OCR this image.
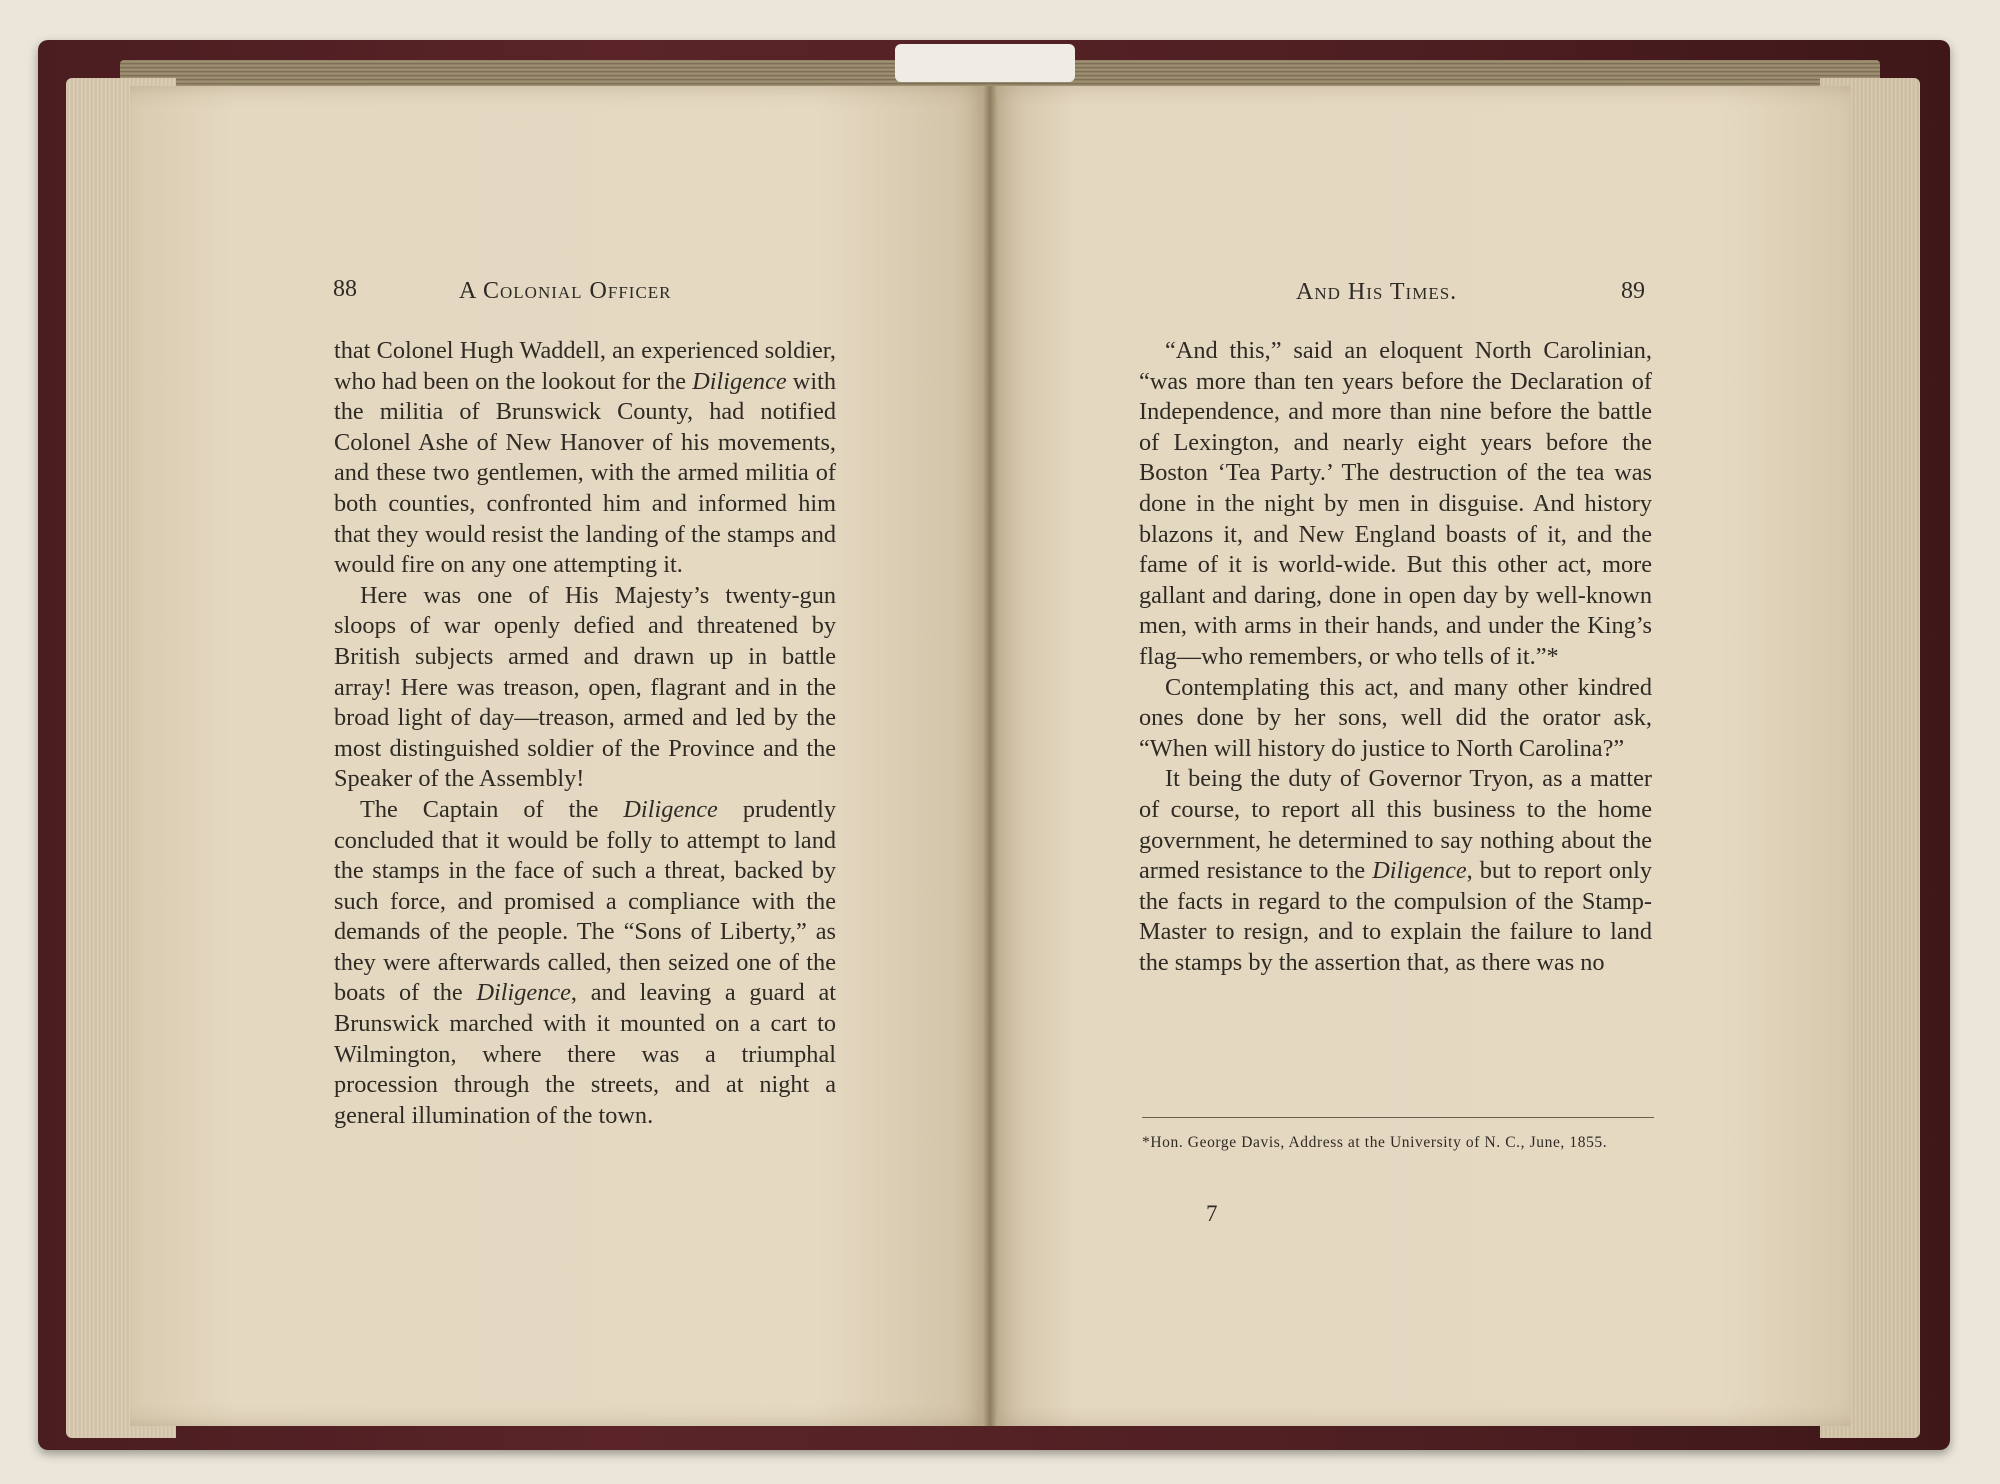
88	A Colonial Officer	And His Times.	89

that Colonel Hugh Waddell, an experienced soldier, who had been on the lookout for the Diligence with the militia of Brunswick County, had notified Colonel Ashe of New Hanover of his movements, and these two gentlemen, with the armed militia of both counties, confronted him and informed him that they would resist the landing of the stamps and would fire on any one attempting it.

Here was one of His Majesty’s twenty-gun sloops of war openly defied and threatened by British subjects armed and drawn up in battle array! Here was treason, open, flagrant and in the broad light of day—treason, armed and led by the most distinguished soldier of the Province and the Speaker of the Assembly!

The Captain of the Diligence prudently concluded that it would be folly to attempt to land the stamps in the face of such a threat, backed by such force, and promised a compliance with the demands of the people. The “Sons of Liberty,” as they were afterwards called, then seized one of the boats of the Diligence, and leaving a guard at Brunswick marched with it mounted on a cart to Wilmington, where there was a triumphal procession through the streets, and at night a general illumination of the town.

“And this,” said an eloquent North Carolinian, “was more than ten years before the Declaration of Independence, and more than nine before the battle of Lexington, and nearly eight years before the Boston ‘Tea Party.’ The destruction of the tea was done in the night by men in disguise. And history blazons it, and New England boasts of it, and the fame of it is world-wide. But this other act, more gallant and daring, done in open day by well-known men, with arms in their hands, and under the King’s flag—who remembers, or who tells of it.”*

Contemplating this act, and many other kindred ones done by her sons, well did the orator ask, “When will history do justice to North Carolina?”

It being the duty of Governor Tryon, as a matter of course, to report all this business to the home government, he determined to say nothing about the armed resistance to the Diligence, but to report only the facts in regard to the compulsion of the Stamp-Master to resign, and to explain the failure to land the stamps by the assertion that, as there was no

*Hon. George Davis, Address at the University of N. C., June, 1855.
7
